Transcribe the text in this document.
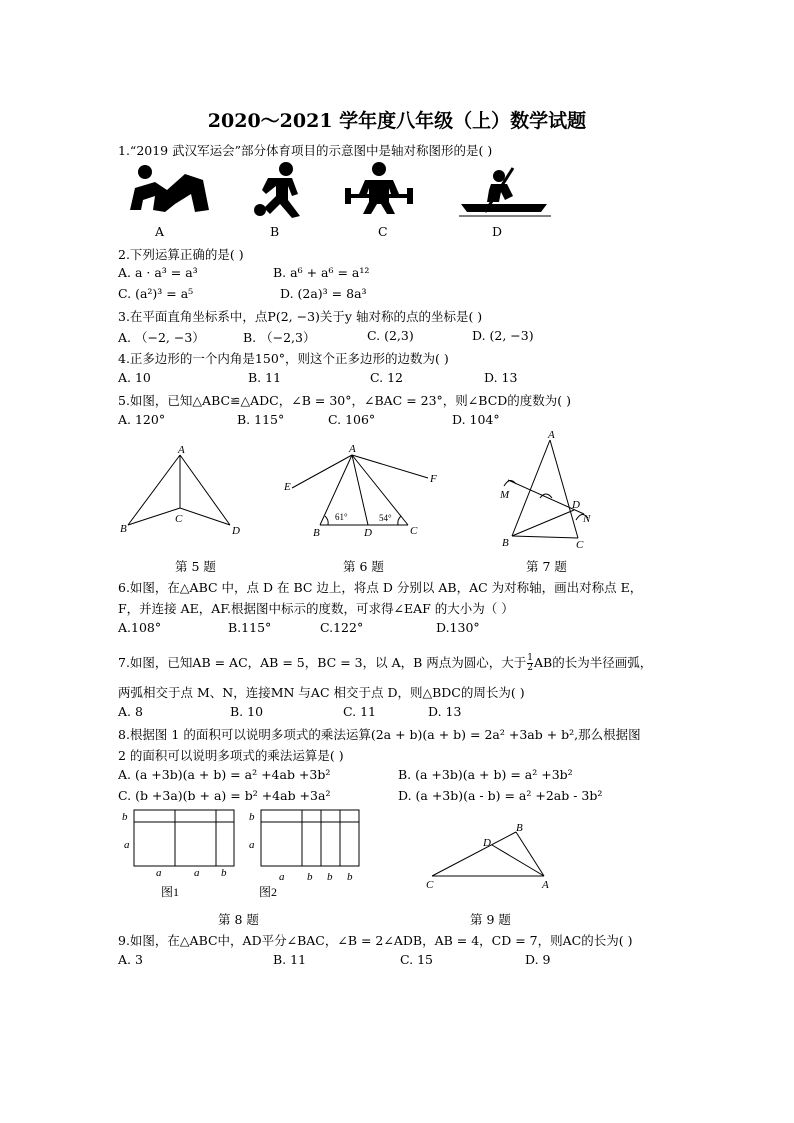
2020～2021 学年度八年级（上）数学试题
1.“2019 武汉军运会”部分体育项目的示意图中是轴对称图形的是( )
A	B	C	D
2.下列运算正确的是( )
A. a · a³ = a³	B. a⁶ + a⁶ = a¹²
C. (a²)³ = a⁵	D. (2a)³ = 8a³
3.在平面直角坐标系中，点P(2, −3)关于y 轴对称的点的坐标是( )
A. （−2, −3）	B. （−2,3）	C. (2,3)	D. (2, −3)
4.正多边形的一个内角是150°，则这个正多边形的边数为( )
A. 10	B. 11	C. 12	D. 13
5.如图，已知△ABC≌△ADC，∠B = 30°，∠BAC = 23°，则∠BCD的度数为( )
A. 120°	B. 115°	C. 106°	D. 104°
A
B
C
D
A
E
F
B	D	C
61°	54°
A
M
D
N
B	C
第 5 题	第 6 题	第 7 题
6.如图，在△ABC 中，点 D 在 BC 边上，将点 D 分别以 AB，AC 为对称轴，画出对称点 E，
F，并连接 AE，AF.根据图中标示的度数，可求得∠EAF 的大小为（ ）
A.108°	B.115°	C.122°	D.130°
7.如图，已知AB = AC，AB = 5，BC = 3，以 A，B 两点为圆心，大于 $\frac{1}{2}$ AB的长为半径画弧，
两弧相交于点 M、N，连接MN 与AC 相交于点 D，则△BDC的周长为( )
A. 8	B. 10	C. 11	D. 13
8.根据图 1 的面积可以说明多项式的乘法运算(2a + b)(a + b) = 2a² +3ab + b²,那么根据图
2 的面积可以说明多项式的乘法运算是( )
A. (a +3b)(a + b) = a² +4ab +3b²	B. (a +3b)(a + b) = a² +3b²
C. (b +3a)(b + a) = b² +4ab +3a²	D. (a +3b)(a - b) = a² +2ab - 3b²
b
a
a	a b
图1
b
a
a b b b
图2
D
B
C	A
第 8 题	第 9 题
9.如图，在△ABC中，AD平分∠BAC，∠B = 2∠ADB，AB = 4，CD = 7，则AC的长为( )
A. 3	B. 11	C. 15	D. 9
